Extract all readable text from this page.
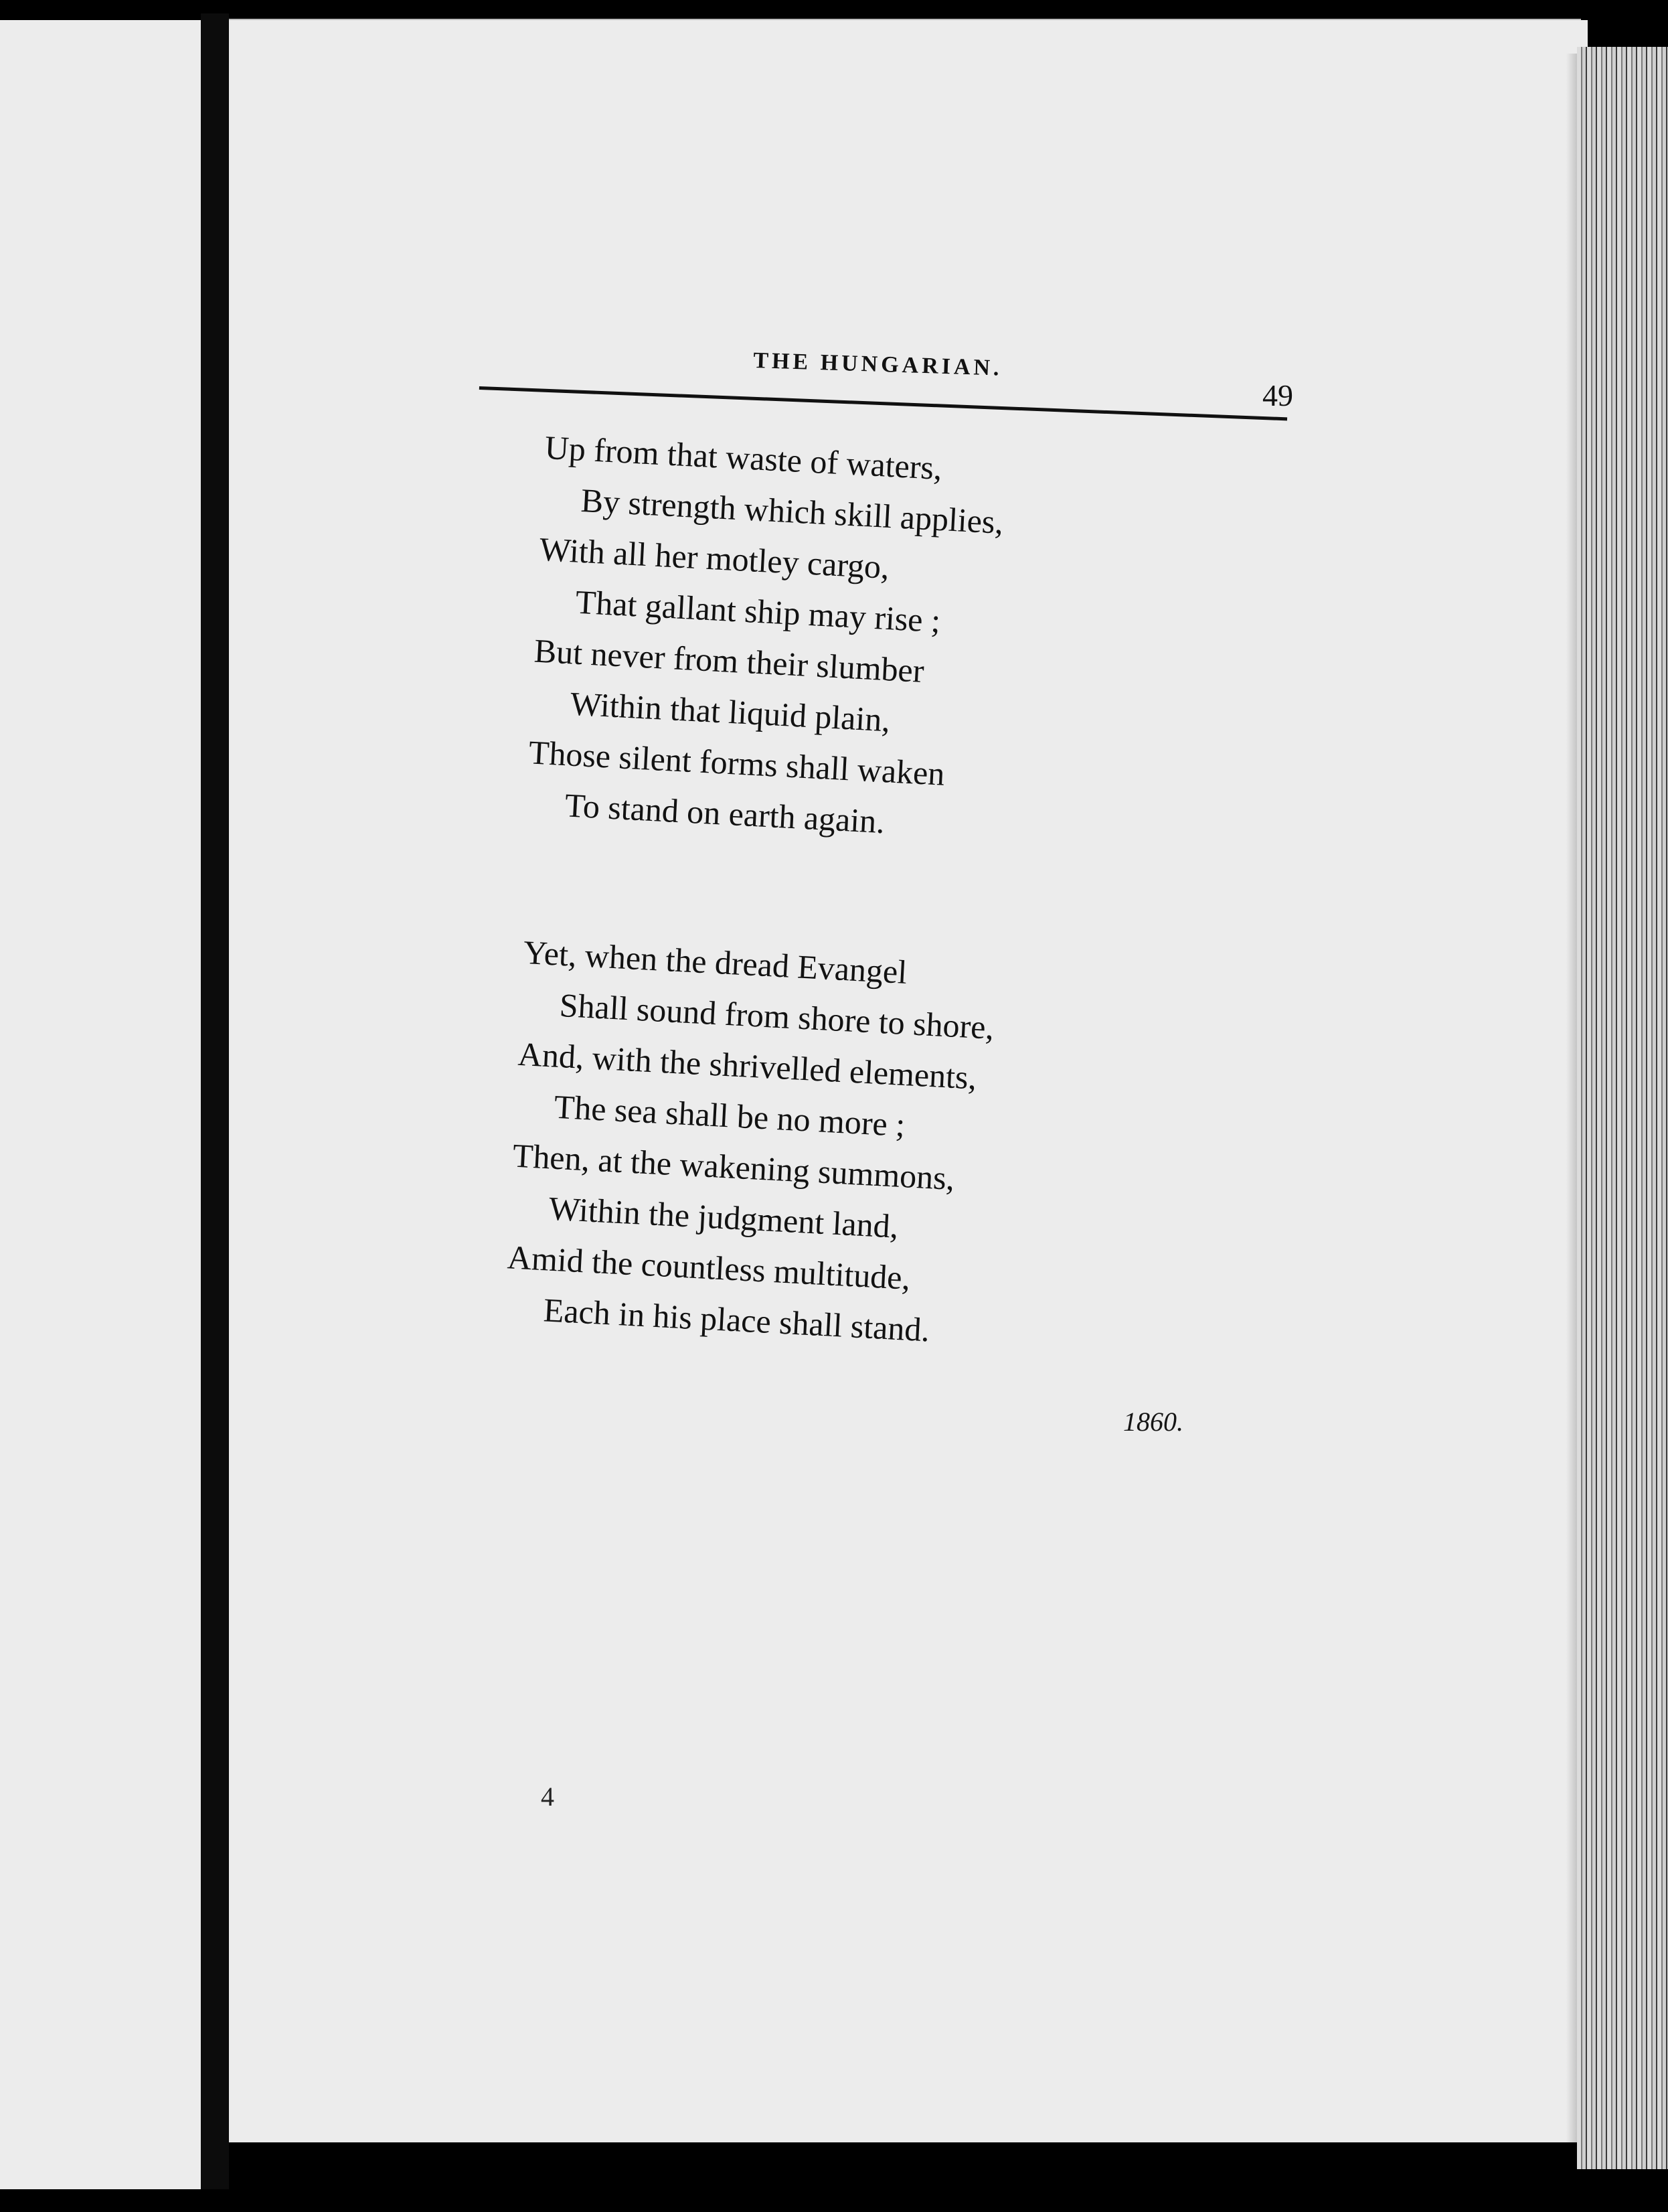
THE HUNGARIAN.
49
Up from that waste of waters,
By strength which skill applies,
With all her motley cargo,
That gallant ship may rise ;
But never from their slumber
Within that liquid plain,
Those silent forms shall waken
To stand on earth again.
Yet, when the dread Evangel
Shall sound from shore to shore,
And, with the shrivelled elements,
The sea shall be no more ;
Then, at the wakening summons,
Within the judgment land,
Amid the countless multitude,
Each in his place shall stand.
1860.
4
